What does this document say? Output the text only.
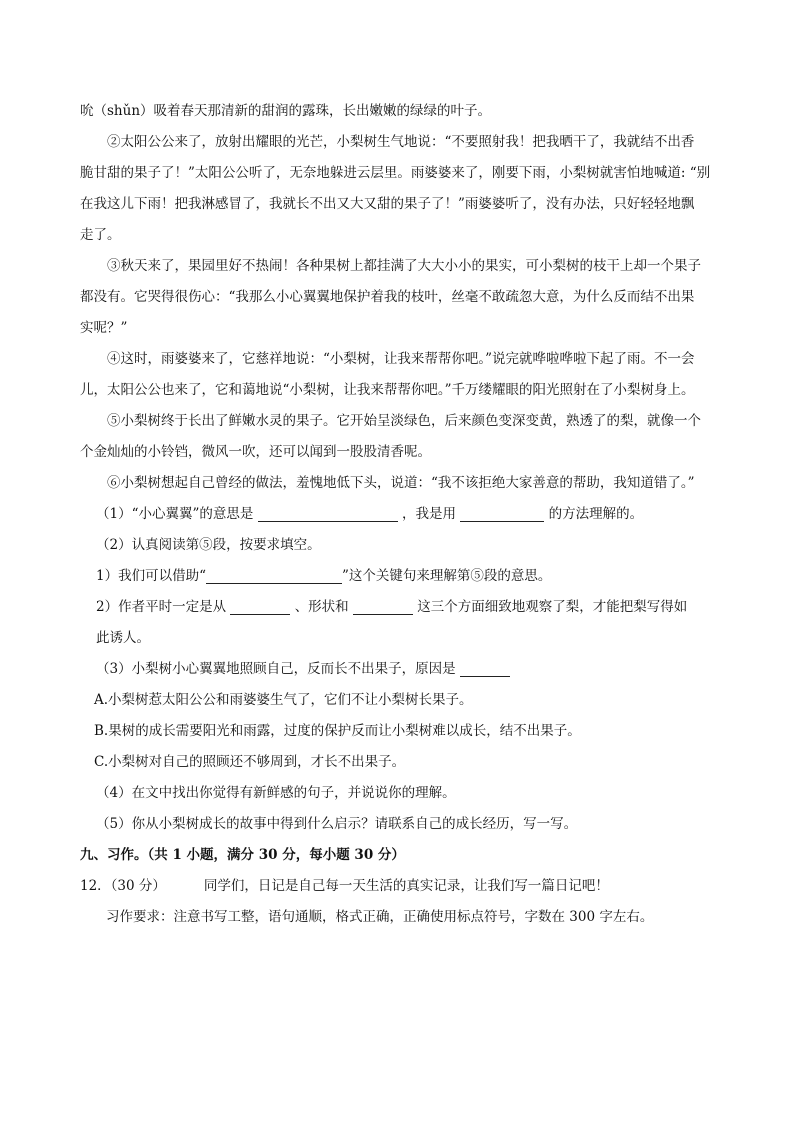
吮（shǔn）吸着春天那清新的甜润的露珠，长出嫩嫩的绿绿的叶子。
②太阳公公来了，放射出耀眼的光芒，小梨树生气地说：“不要照射我！把我晒干了，我就结不出香
脆甘甜的果子了！”太阳公公听了，无奈地躲进云层里。雨婆婆来了，刚要下雨，小梨树就害怕地喊道: “别
在我这儿下雨！把我淋感冒了，我就长不出又大又甜的果子了！”雨婆婆听了，没有办法，只好轻轻地飘
走了。
③秋天来了，果园里好不热闹！各种果树上都挂满了大大小小的果实，可小梨树的枝干上却一个果子
都没有。它哭得很伤心：“我那么小心翼翼地保护着我的枝叶，丝毫不敢疏忽大意，为什么反而结不出果
实呢？”
④这时，雨婆婆来了，它慈祥地说：“小梨树，让我来帮帮你吧。”说完就哗啦哗啦下起了雨。不一会
儿，太阳公公也来了，它和蔼地说“小梨树，让我来帮帮你吧。”千万缕耀眼的阳光照射在了小梨树身上。
⑤小梨树终于长出了鲜嫩水灵的果子。它开始呈淡绿色，后来颜色变深变黄，熟透了的梨，就像一个
个金灿灿的小铃铛，微风一吹，还可以闻到一股股清香呢。
⑥小梨树想起自己曾经的做法，羞愧地低下头，说道：“我不该拒绝大家善意的帮助，我知道错了。”
（1）“小心翼翼”的意思是	，我是用	的方法理解的。
（2）认真阅读第⑤段，按要求填空。
1）我们可以借助“	”这个关键句来理解第⑤段的意思。
2）作者平时一定是从	、形状和	这三个方面细致地观察了梨，才能把梨写得如
此诱人。
（3）小梨树小心翼翼地照顾自己，反而长不出果子，原因是
A.小梨树惹太阳公公和雨婆婆生气了，它们不让小梨树长果子。
B.果树的成长需要阳光和雨露，过度的保护反而让小梨树难以成长，结不出果子。
C.小梨树对自己的照顾还不够周到，才长不出果子。
（4）在文中找出你觉得有新鲜感的句子，并说说你的理解。
（5）你从小梨树成长的故事中得到什么启示？请联系自己的成长经历，写一写。
九、习作。（共 1 小题，满分 30 分，每小题 30 分）
12．（30 分）	同学们，日记是自己每一天生活的真实记录，让我们写一篇日记吧！
习作要求：注意书写工整，语句通顺，格式正确，正确使用标点符号，字数在 300 字左右。
